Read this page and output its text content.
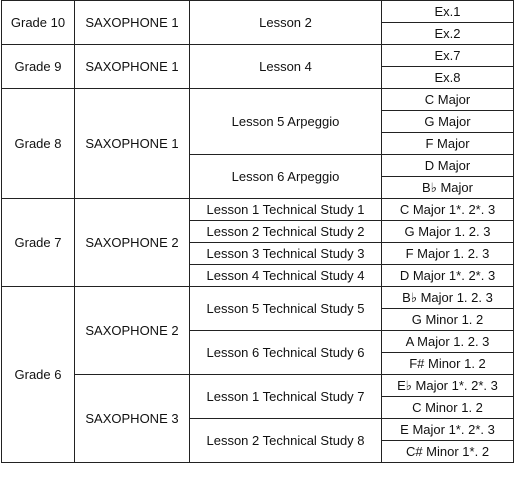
Grade 10	SAXOPHONE 1	Lesson 2	Ex.1
			Ex.2
Grade 9	SAXOPHONE 1	Lesson 4	Ex.7
			Ex.8
Grade 8	SAXOPHONE 1	Lesson 5 Arpeggio	C Major
			G Major
			F Major
		Lesson 6 Arpeggio	D Major
			B♭ Major
Grade 7	SAXOPHONE 2	Lesson 1 Technical Study 1	C Major 1*. 2*. 3
		Lesson 2 Technical Study 2	G Major 1. 2. 3
		Lesson 3 Technical Study 3	F Major 1. 2. 3
		Lesson 4 Technical Study 4	D Major 1*. 2*. 3
Grade 6	SAXOPHONE 2	Lesson 5 Technical Study 5	B♭ Major 1. 2. 3
			G Minor 1. 2
		Lesson 6 Technical Study 6	A Major 1. 2. 3
			F# Minor 1. 2
	SAXOPHONE 3	Lesson 1 Technical Study 7	E♭ Major 1*. 2*. 3
			C Minor 1. 2
		Lesson 2 Technical Study 8	E Major 1*. 2*. 3
			C# Minor 1*. 2
